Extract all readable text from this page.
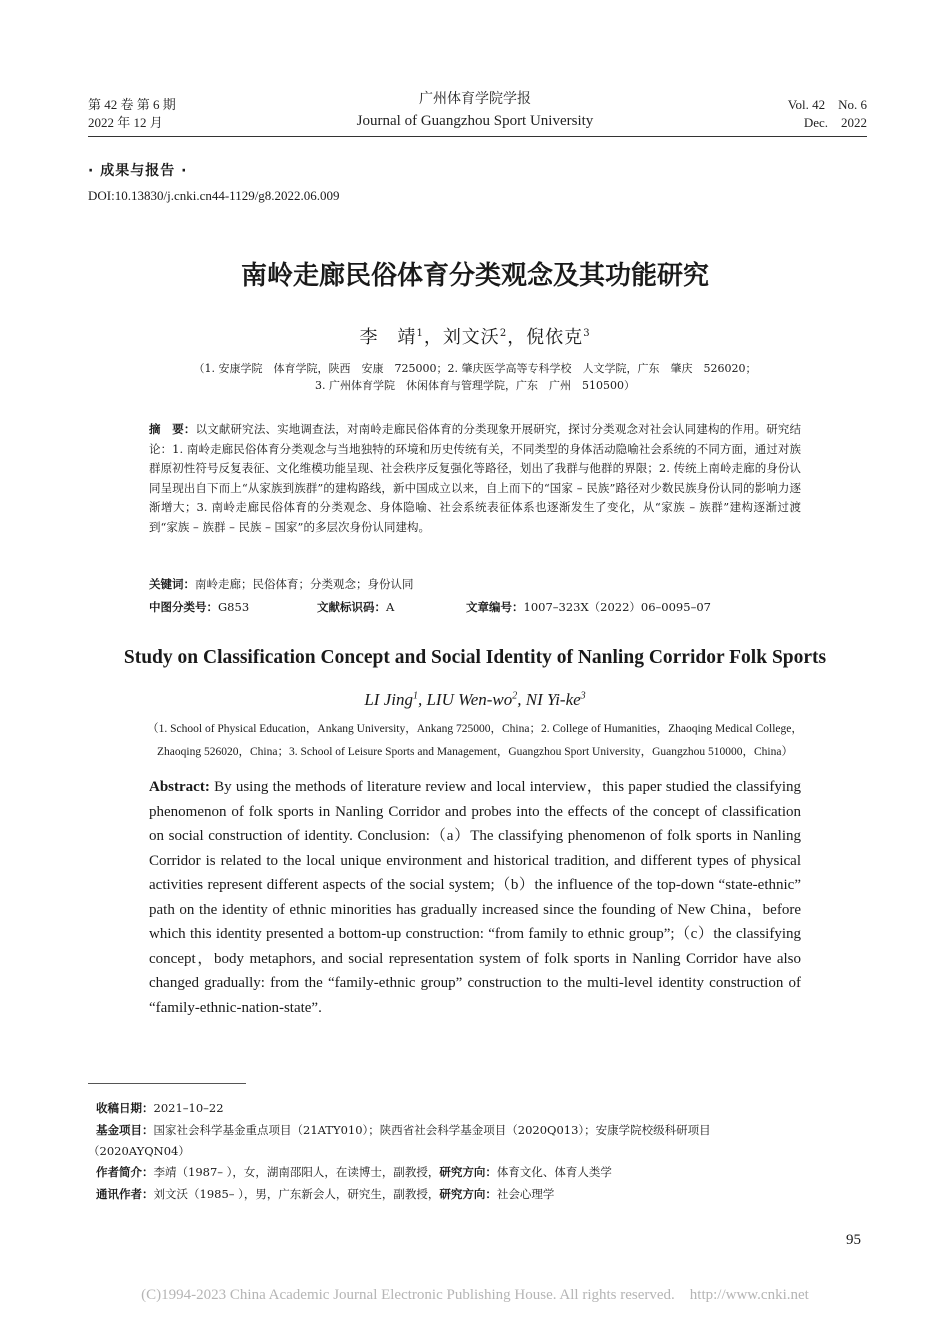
第 42 卷 第 6 期
2022 年 12 月
广州体育学院学报
Journal of Guangzhou Sport University
Vol. 42    No. 6
Dec.    2022
· 成果与报告 ·
DOI:10.13830/j.cnki.cn44-1129/g8.2022.06.009
南岭走廊民俗体育分类观念及其功能研究
李　靖$^1$，刘文沃$^2$，倪依克$^3$
（1. 安康学院　体育学院，陕西　安康　725000；2. 肇庆医学高等专科学校　人文学院，广东　肇庆　526020；
3. 广州体育学院　休闲体育与管理学院，广东　广州　510500）
摘　要：以文献研究法、实地调查法，对南岭走廊民俗体育的分类现象开展研究，探讨分类观念对社会认同建构的作用。研究结论：1. 南岭走廊民俗体育分类观念与当地独特的环境和历史传统有关，不同类型的身体活动隐喻社会系统的不同方面，通过对族群原初性符号反复表征、文化维模功能呈现、社会秩序反复强化等路径，划出了我群与他群的界限；2. 传统上南岭走廊的身份认同呈现出自下而上“从家族到族群”的建构路线，新中国成立以来，自上而下的“国家 – 民族”路径对少数民族身份认同的影响力逐渐增大；3. 南岭走廊民俗体育的分类观念、身体隐喻、社会系统表征体系也逐渐发生了变化，从“家族 – 族群”建构逐渐过渡到“家族 – 族群 – 民族 – 国家”的多层次身份认同建构。
关键词：南岭走廊；民俗体育；分类观念；身份认同
中图分类号：G853	文献标识码：A	文章编号：1007–323X（2022）06–0095–07
Study on Classification Concept and Social Identity of Nanling Corridor Folk Sports
LI Jing$^1$, LIU Wen-$wo^2$, NI $Yi-ke^3$
（1. School of Physical Education，Ankang University，Ankang 725000，China；2. College of Humanities，Zhaoqing Medical College，
Zhaoqing 526020，China；3. School of Leisure Sports and Management，Guangzhou Sport University，Guangzhou 510000，China）
Abstract: By using the methods of literature review and local interview，this paper studied the classifying phenomenon of folk sports in Nanling Corridor and probes into the effects of the concept of classification on social construction of identity. Conclusion:（a）The classifying phenomenon of folk sports in Nanling Corridor is related to the local unique environment and historical tradition, and different types of physical activities represent different aspects of the social system;（b）the influence of the top-down “state-ethnic” path on the identity of ethnic minorities has gradually increased since the founding of New China，before which this identity presented a bottom-up construction: “from family to ethnic group”;（c）the classifying concept，body metaphors, and social representation system of folk sports in Nanling Corridor have also changed gradually: from the “family-ethnic group” construction to the multi-level identity construction of “family-ethnic-nation-state”.
收稿日期：2021–10–22
基金项目：国家社会科学基金重点项目（21ATY010）；陕西省社会科学基金项目（2020Q013）；安康学院校级科研项目
（2020AYQN04）
作者简介：李靖（1987– ），女，湖南邵阳人，在读博士，副教授，研究方向：体育文化、体育人类学
通讯作者：刘文沃（1985– ），男，广东新会人，研究生，副教授，研究方向：社会心理学
95
(C)1994-2023 China Academic Journal Electronic Publishing House. All rights reserved.    http://www.cnki.net
